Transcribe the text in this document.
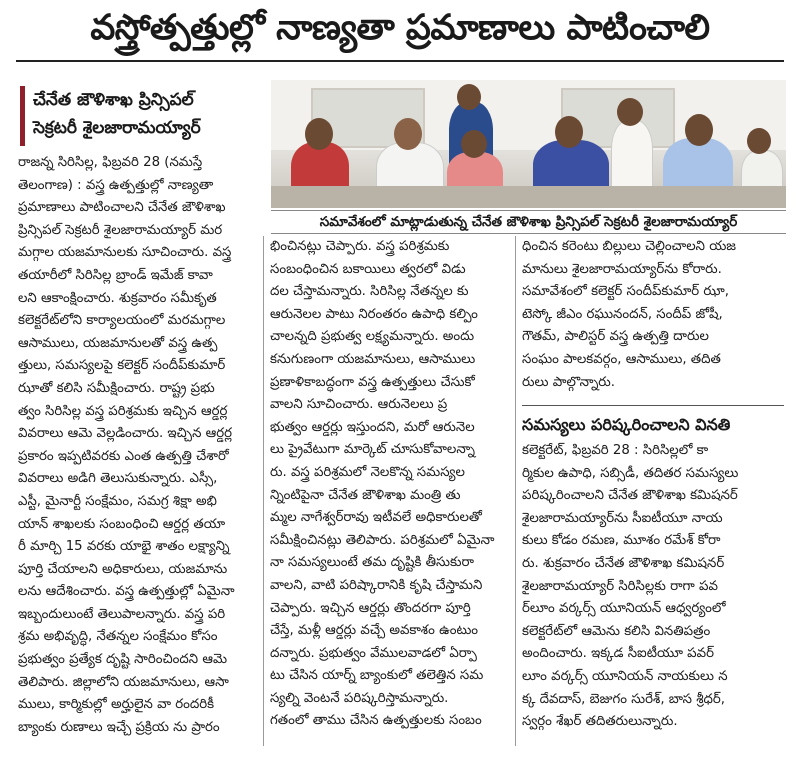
వస్త్రోత్పత్తుల్లో నాణ్యతా ప్రమాణాలు పాటించాలి
చేనేత జౌళిశాఖ ప్రిన్సిపల్
సెక్రటరీ శైలజారామయ్యార్
సమావేశంలో మాట్లాడుతున్న చేనేత జౌళిశాఖ ప్రిన్సిపల్ సెక్రటరీ శైలజారామయ్యార్

రాజన్న సిరిసిల్ల, ఫిబ్రవరి 28 (నమస్తే

తెలంగాణ) : వస్త్ర ఉత్పత్తుల్లో నాణ్యతా

ప్రమాణాలు పాటించాలని చేనేత జౌళిశాఖ

ప్రిన్సిపల్ సెక్రటరీ శైలజారామయ్యార్ మర

మగ్గాల యజమానులకు సూచించారు. వస్త్ర

తయారీలో సిరిసిల్ల బ్రాండ్ ఇమేజ్ కావా

లని ఆకాంక్షించారు. శుక్రవారం సమీకృత

కలెక్టరేట్‌లోని కార్యాలయంలో మరమగ్గాల

ఆసాములు, యజమానులతో వస్త్ర ఉత్ప

త్తులు, సమస్యలపై కలెక్టర్ సందీప్‌కుమార్

ఝాతో కలిసి సమీక్షించారు. రాష్ట్ర ప్రభు

త్వం సిరిసిల్ల వస్త్ర పరిశ్రమకు ఇచ్చిన ఆర్డర్ల

వివరాలు ఆమె వెల్లడించారు. ఇచ్చిన ఆర్డర్ల

ప్రకారం ఇప్పటివరకు ఎంత ఉత్పత్తి చేశారో

వివరాలు అడిగి తెలుసుకున్నారు. ఎస్సీ,

ఎస్టీ, మైనార్టీ సంక్షేమం, సమగ్ర శిక్షా అభి

యాన్ శాఖలకు సంబంధించి ఆర్డర్ల తయా

రీ మార్చి 15 వరకు యాభై శాతం లక్ష్యాన్ని

పూర్తి చేయాలని అధికారులు, యజమాను

లను ఆదేశించారు. వస్త్ర ఉత్పత్తుల్లో ఏమైనా

ఇబ్బందులుంటే తెలుపాలన్నారు. వస్త్ర పరి

శ్రమ అభివృద్ధి, నేతన్నల సంక్షేమం కోసం

ప్రభుత్వం ప్రత్యేక దృష్టి సారించిందని ఆమె

తెలిపారు. జిల్లాలోని యజమానులు, ఆసా

ములు, కార్మికుల్లో అర్హులైన వా రందరికీ

బ్యాంకు రుణాలు ఇచ్చే ప్రక్రియ ను ప్రారం

భించినట్లు చెప్పారు. వస్త్ర పరిశ్రమకు

సంబంధించిన బకాయిలు త్వరలో విడు

దల చేస్తామన్నారు. సిరిసిల్ల నేతన్నల కు

ఆరునెలల పాటు నిరంతరం ఉపాధి కల్పిం

చాలన్నది ప్రభుత్వ లక్ష్యమన్నారు. అందు

కనుగుణంగా యజమానులు, ఆసాములు

ప్రణాళికాబద్ధంగా వస్త్ర ఉత్పత్తులు చేసుకో

వాలని సూచించారు. ఆరునెలలు ప్ర

భుత్వం ఆర్డర్లు ఇస్తుందని, మరో ఆరునెల

లు ప్రైవేటుగా మార్కెట్ చూసుకోవాలన్నా

రు. వస్త్ర పరిశ్రమలో నెలకొన్న సమస్యల

న్నింటిపైనా చేనేత జౌళిశాఖ మంత్రి తు

మ్మల నాగేశ్వర్‌రావు ఇటీవలే అధికారులతో

సమీక్షించినట్లు తెలిపారు. పరిశ్రమలో ఏమైనా

నా సమస్యలుంటే తమ దృష్టికి తీసుకురా

వాలని, వాటి పరిష్కారానికి కృషి చేస్తామని

చెప్పారు. ఇచ్చిన ఆర్డర్లు తొందరగా పూర్తి

చేస్తే, మళ్లీ ఆర్డర్లు వచ్చే అవకాశం ఉంటుం

దన్నారు. ప్రభుత్వం వేములవాడలో ఏర్పా

టు చేసిన యార్న్ బ్యాంకులో తలెత్తిన సమ

స్యల్ని వెంటనే పరిష్కరిస్తామన్నారు.

గతంలో తాము చేసిన ఉత్పత్తులకు సంబం

ధించిన కరెంటు బిల్లులు చెల్లించాలని యజ

మానులు శైలజారామయ్యార్‌ను కోరారు.

సమావేశంలో కలెక్టర్ సందీప్‌కుమార్ ఝా,

టెస్కో జీఎం రఘునందన్, సందీప్ జోషీ,

గౌతమ్, పాలిస్టర్ వస్త్ర ఉత్పత్తి దారుల

సంఘం పాలకవర్గం, ఆసాములు, తదిత

రులు పాల్గొన్నారు.

సమస్యలు పరిష్కరించాలని వినతి

కలెక్టరేట్, ఫిబ్రవరి 28 : సిరిసిల్లలో కా

ర్మికుల ఉపాధి, సబ్సిడీ, తదితర సమస్యలు

పరిష్కరించాలని చేనేత జౌళిశాఖ కమిషనర్

శైలజారామయ్యార్‌ను సీఐటీయూ నాయ

కులు కోడం రమణ, మూశం రమేశ్ కోరా

రు. శుక్రవారం చేనేత జౌళిశాఖ కమిషనర్

శైలజారామయ్యార్ సిరిసిల్లకు రాగా పవ

ర్‌లూం వర్కర్స్ యూనియన్ ఆధ్వర్యంలో

కలెక్టరేట్‌లో ఆమెను కలిసి వినతిపత్రం

అందించారు. ఇక్కడ సీఐటీయూ పవర్

లూం వర్కర్స్ యూనియన్ నాయకులు న

క్క దేవదాస్, బెజుగం సురేశ్, బాస శ్రీధర్,

స్వర్గం శేఖర్ తదితరులున్నారు.
